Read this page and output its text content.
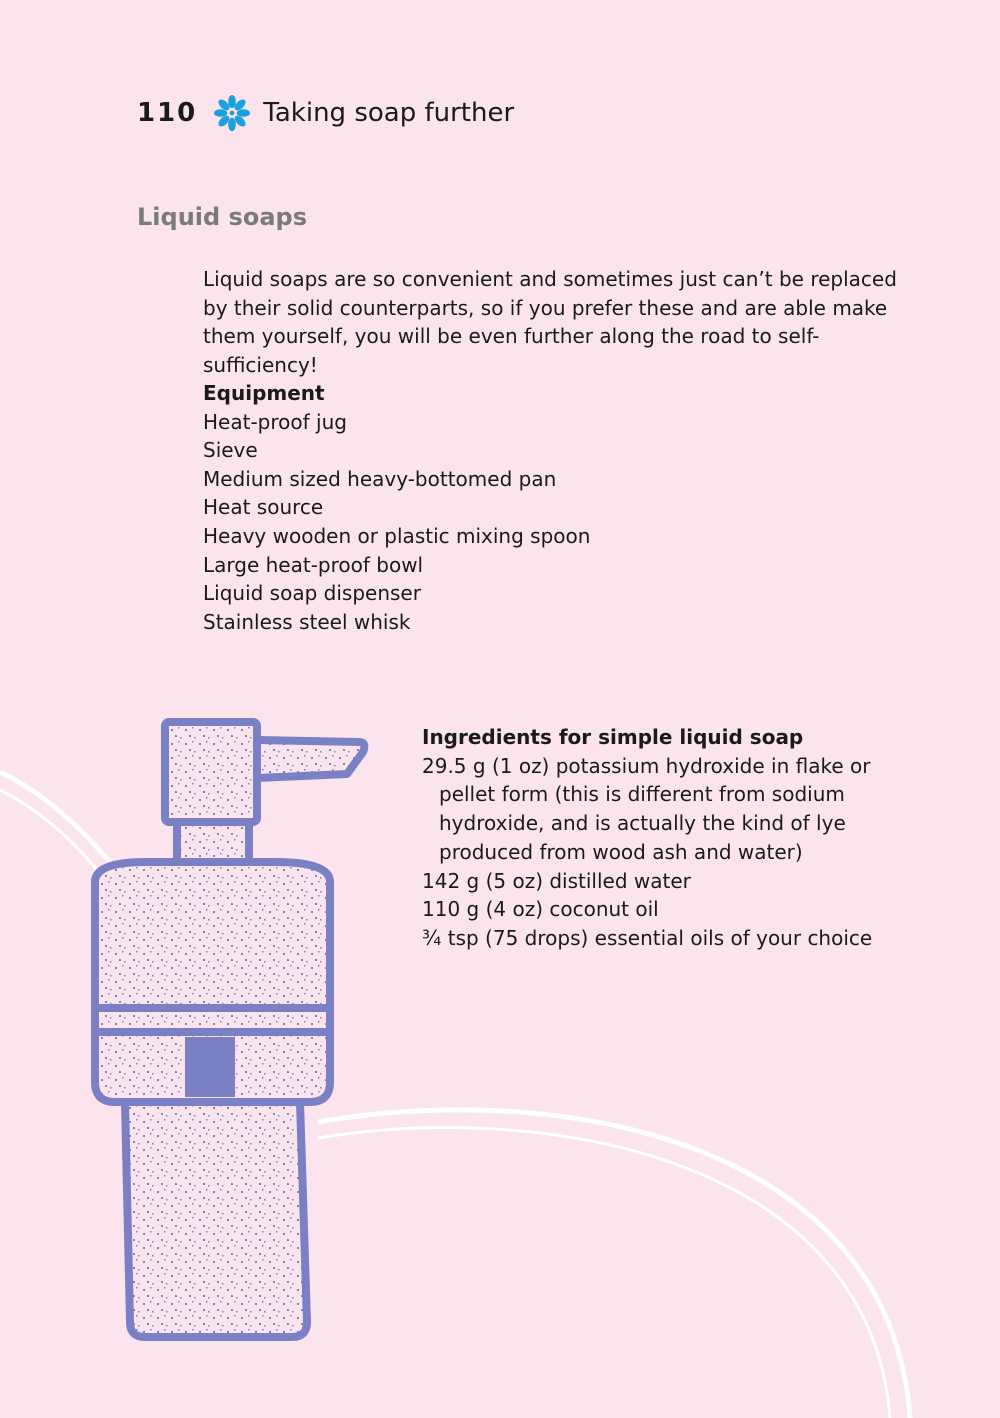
110	Taking soap further
Liquid soaps

Liquid soaps are so convenient and sometimes just can’t be replaced by their solid counterparts, so if you prefer these and are able make them yourself, you will be even further along the road to self-sufficiency!

Equipment
Heat-proof jug
Sieve
Medium sized heavy-bottomed pan
Heat source
Heavy wooden or plastic mixing spoon
Large heat-proof bowl
Liquid soap dispenser
Stainless steel whisk
Ingredients for simple liquid soap
29.5 g (1 oz) potassium hydroxide in flake or pellet form (this is different from sodium hydroxide, and is actually the kind of lye produced from wood ash and water)
142 g (5 oz) distilled water
110 g (4 oz) coconut oil
¾ tsp (75 drops) essential oils of your choice
